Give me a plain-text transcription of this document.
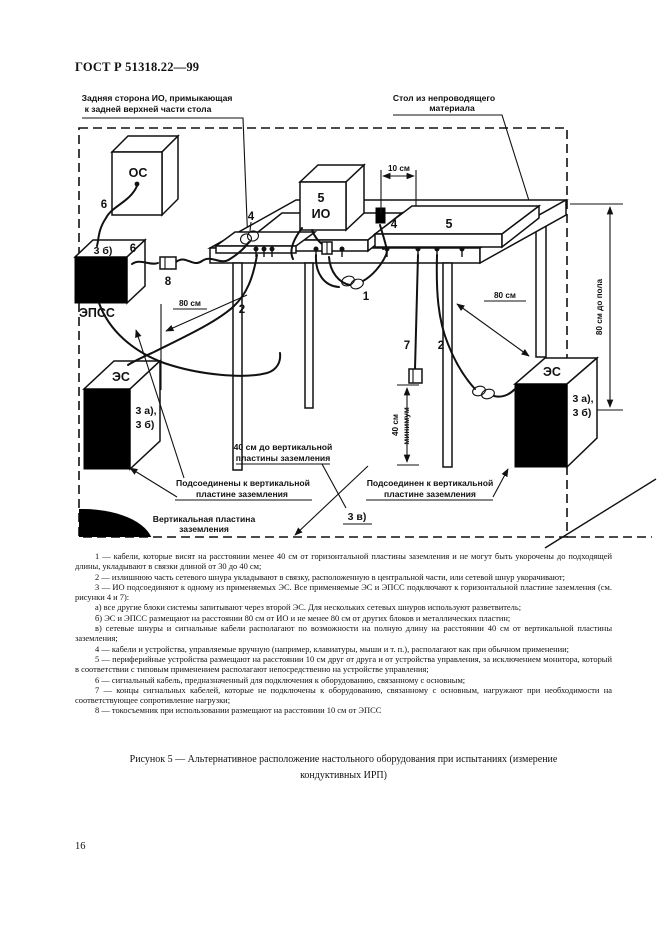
ГОСТ Р 51318.22—99
5
ИО
5
ЭС
3 а),
3 б)
ЭС
3 а),
3 б)
3 б)
ЭПСС
ОС
Задняя сторона ИО, примыкающая
к задней верхней части стола
Стол из непроводящего
материала
6
6
8
4
4
2
1
7 2
3 в)
10 см
80 см
80 см
40 см минимум
80 см до пола
40 см до вертикальной
пластины заземления
Подсоединены к вертикальной
пластине заземления
Подсоединен к вертикальной
пластине заземления
Вертикальная пластина
заземления

1 — кабели, которые висят на расстоянии менее 40 см от горизонтальной пластины заземления и не могут быть укорочены до подходящей длины, укладывают в связки длиной от 30 до 40 см;

2 — излишнюю часть сетевого шнура укладывают в связку, расположенную в центральной части, или сетевой шнур укорачивают;

3 — ИО подсоединяют к одному из применяемых ЭС. Все применяемые ЭС и ЭПСС подключают к горизонтальной пластине заземления (см. рисунки 4 и 7):

а) все другие блоки системы запитывают через второй ЭС. Для нескольких сетевых шнуров используют разветвитель;

б) ЭС и ЭПСС размещают на расстоянии 80 см от ИО и не менее 80 см от других блоков и металлических пластин;

в) сетевые шнуры и сигнальные кабели располагают по возможности на полную длину на расстоянии 40 см от вертикальной пластины заземления;

4 — кабели и устройства, управляемые вручную (например, клавиатуры, мыши и т. п.), располагают как при обычном применении;

5 — периферийные устройства размещают на расстоянии 10 см друг от друга и от устройства управления, за исключением монитора, который в соответствии с типовым применением располагают непосредственно на устройстве управления;

6 — сигнальный кабель, предназначенный для подключения к оборудованию, связанному с основным;

7 — концы сигнальных кабелей, которые не подключены к оборудованию, связанному с основным, нагружают при необходимости на соответствующее сопротивление нагрузки;

8 — токосъемник при использовании размещают на расстоянии 10 см от ЭПСС

Рисунок 5 — Альтернативное расположение настольного оборудования при испытаниях (измерение
кондуктивных ИРП)
16
